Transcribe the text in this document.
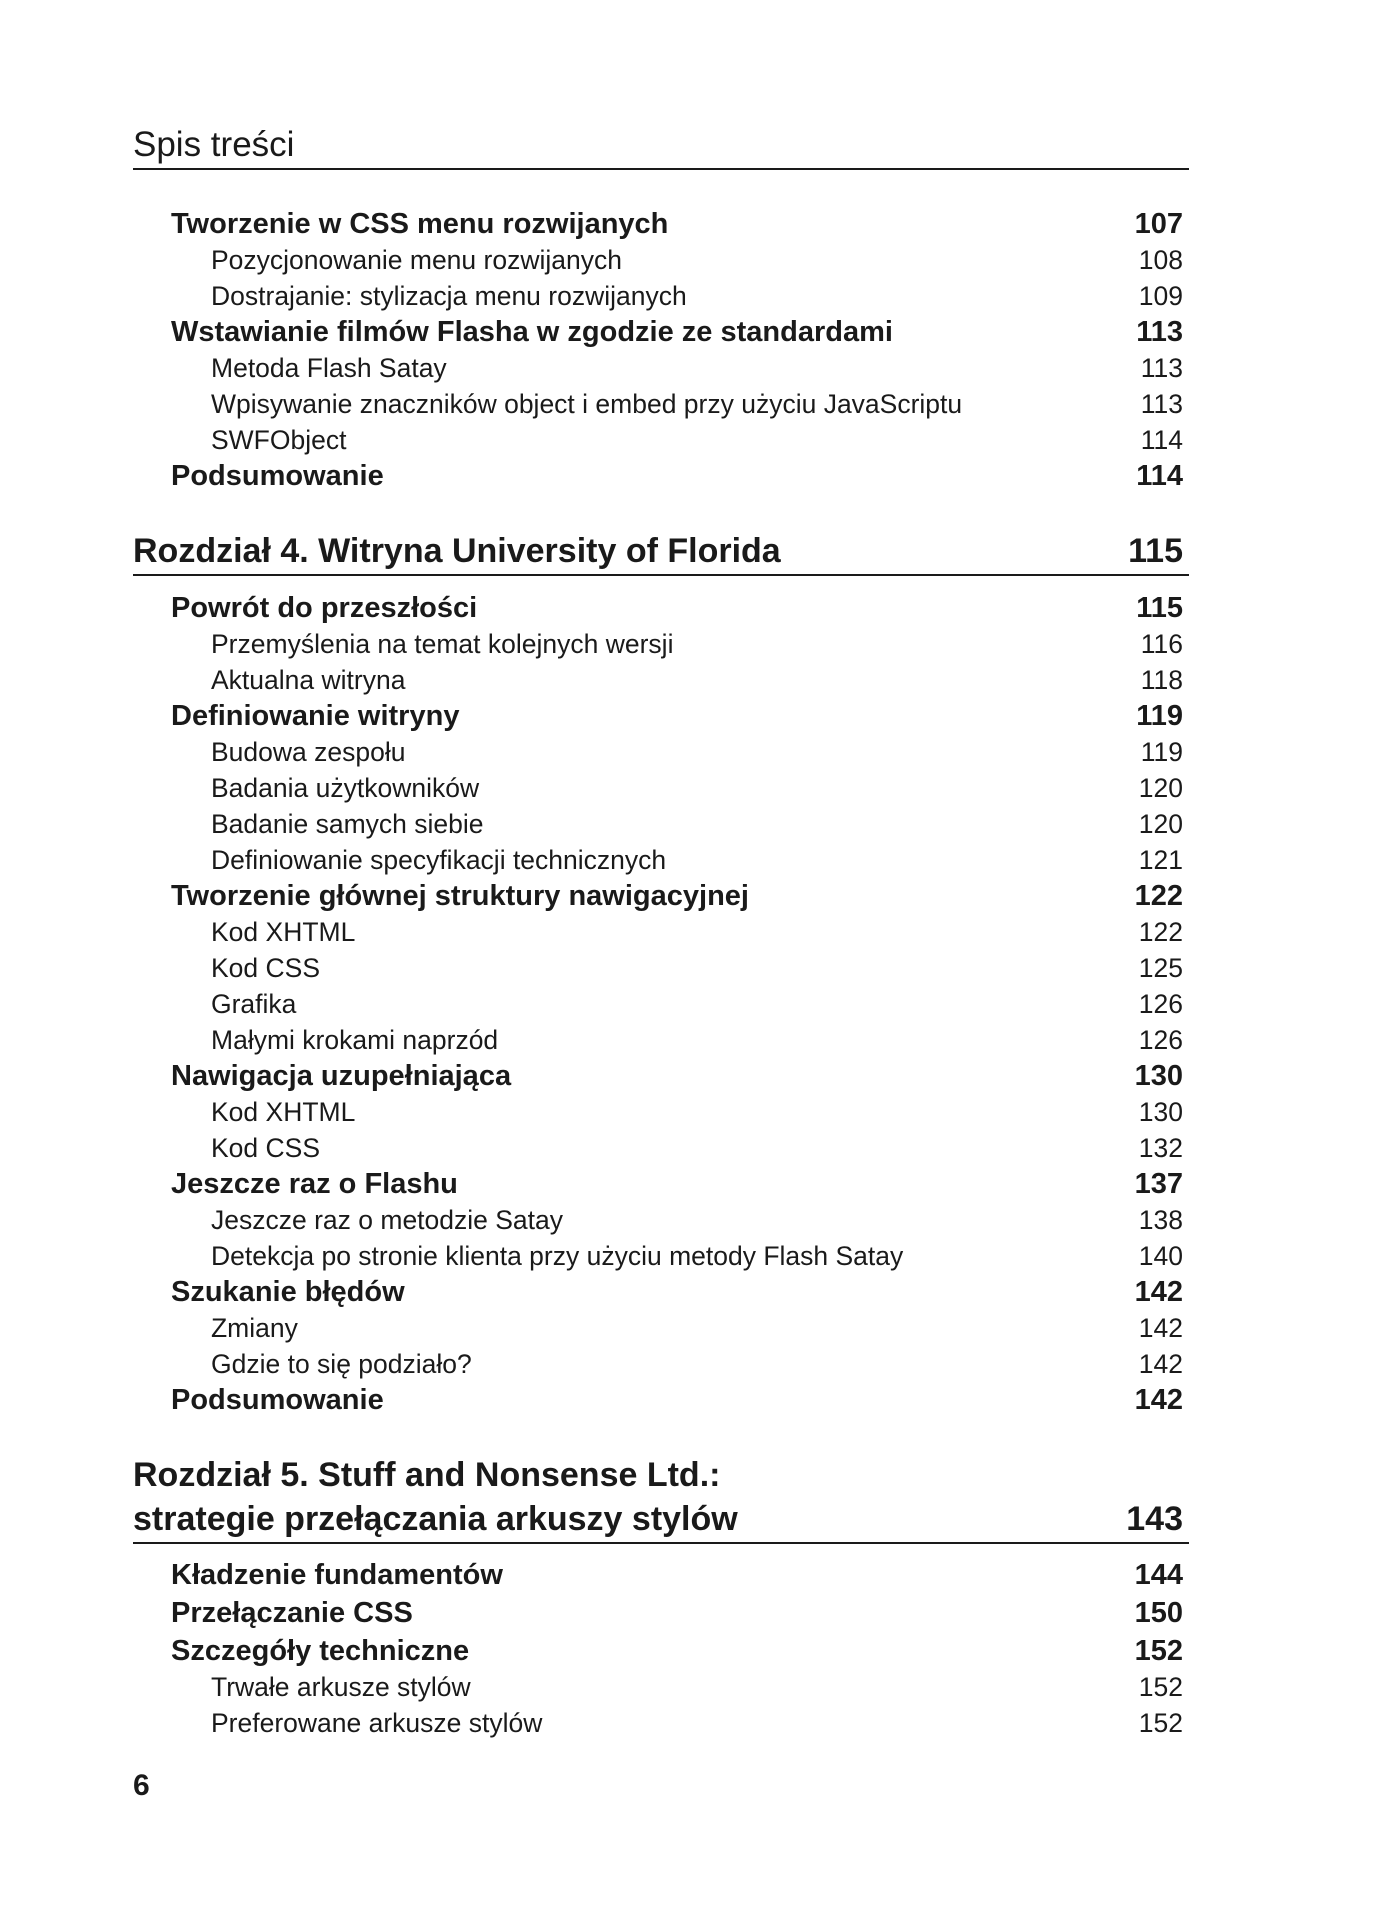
Spis treści
Tworzenie w CSS menu rozwijanych	107
Pozycjonowanie menu rozwijanych	108
Dostrajanie: stylizacja menu rozwijanych	109
Wstawianie filmów Flasha w zgodzie ze standardami	113
Metoda Flash Satay	113
Wpisywanie znaczników object i embed przy użyciu JavaScriptu	113
SWFObject	114
Podsumowanie	114
Rozdział 4. Witryna University of Florida	115
Powrót do przeszłości	115
Przemyślenia na temat kolejnych wersji	116
Aktualna witryna	118
Definiowanie witryny	119
Budowa zespołu	119
Badania użytkowników	120
Badanie samych siebie	120
Definiowanie specyfikacji technicznych	121
Tworzenie głównej struktury nawigacyjnej	122
Kod XHTML	122
Kod CSS	125
Grafika	126
Małymi krokami naprzód	126
Nawigacja uzupełniająca	130
Kod XHTML	130
Kod CSS	132
Jeszcze raz o Flashu	137
Jeszcze raz o metodzie Satay	138
Detekcja po stronie klienta przy użyciu metody Flash Satay	140
Szukanie błędów	142
Zmiany	142
Gdzie to się podziało?	142
Podsumowanie	142
Rozdział 5. Stuff and Nonsense Ltd.:
strategie przełączania arkuszy stylów	143
Kładzenie fundamentów	144
Przełączanie CSS	150
Szczegóły techniczne	152
Trwałe arkusze stylów	152
Preferowane arkusze stylów	152
6
